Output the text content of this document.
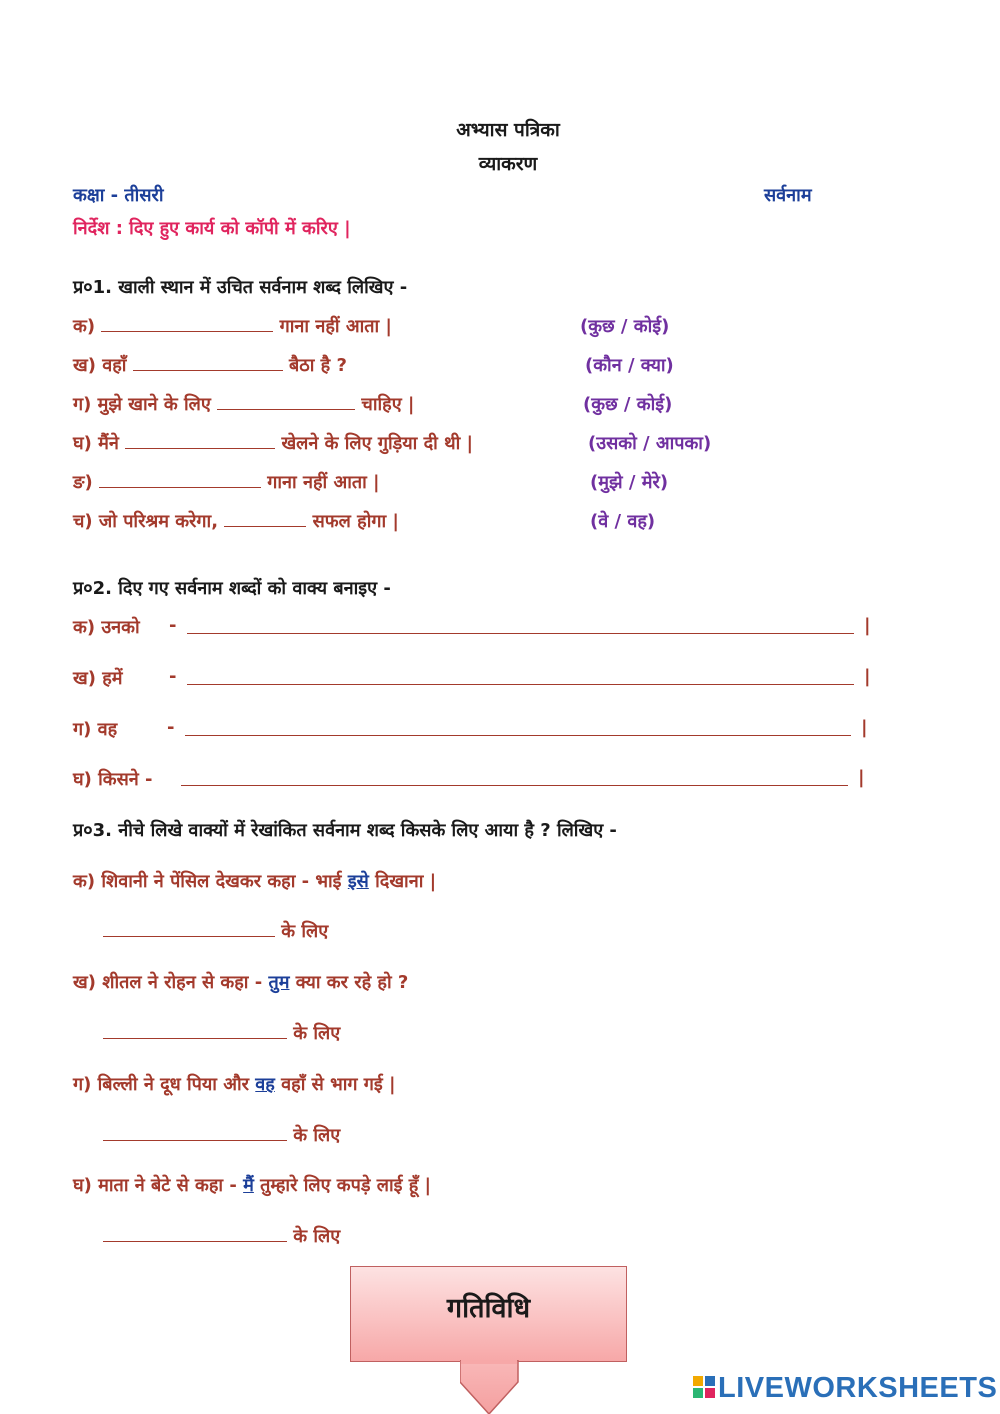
अभ्यास पत्रिका
व्याकरण
कक्षा - तीसरी	सर्वनाम
निर्देश : दिए हुए कार्य को कॉपी में करिए |
प्र०1. खाली स्थान में उचित सर्वनाम शब्द लिखिए -
क)	गाना नहीं आता |	(कुछ / कोई)
ख) वहाँ	बैठा है ?	(कौन / क्या)
ग) मुझे खाने के लिए	चाहिए |	(कुछ / कोई)
घ) मैंने	खेलने के लिए गुड़िया दी थी |	(उसको / आपका)
ङ)	गाना नहीं आता |	(मुझे / मेरे)
च) जो परिश्रम करेगा,	सफल होगा |	(वे / वह)
प्र०2. दिए गए सर्वनाम शब्दों को वाक्य बनाइए -
क) उनको -	|
ख) हमें	-	|
ग) वह	-	|
घ) किसने -	|
प्र०3. नीचे लिखे वाक्यों में रेखांकित सर्वनाम शब्द किसके लिए आया है ? लिखिए -
क) शिवानी ने पेंसिल देखकर कहा - भाई इसे दिखाना |
के लिए
ख) शीतल ने रोहन से कहा - तुम क्या कर रहे हो ?
के लिए
ग) बिल्ली ने दूध पिया और वह वहाँ से भाग गई |
के लिए
घ) माता ने बेटे से कहा - मैं तुम्हारे लिए कपड़े लाई हूँ |
के लिए
गतिविधि
LIVEWORKSHEETS
